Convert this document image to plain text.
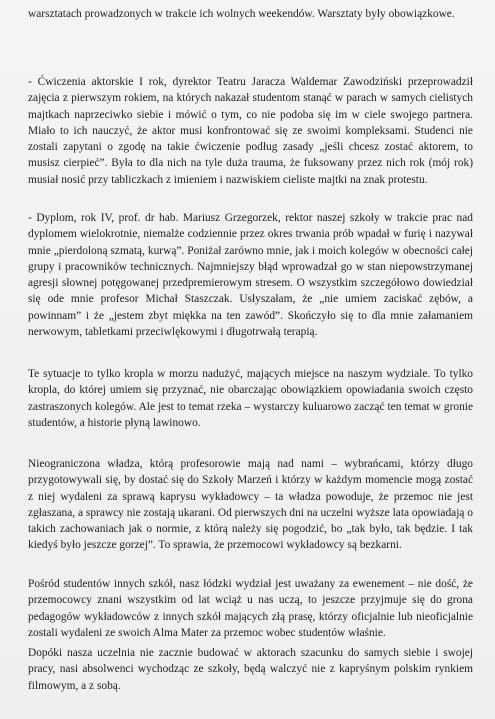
warsztatach prowadzonych w trakcie ich wolnych weekendów. Warsztaty były obowiązkowe.

- Ćwiczenia aktorskie I rok, dyrektor Teatru Jaracza Waldemar Zawodziński przeprowadził zajęcia z pierwszym rokiem, na których nakazał studentom stanąć w parach w samych cielistych majtkach naprzeciwko siebie i mówić o tym, co nie podoba się im w ciele swojego partnera. Miało to ich nauczyć, że aktor musi konfrontować się ze swoimi kompleksami. Studenci nie zostali zapytani o zgodę na takie ćwiczenie podług zasady „jeśli chcesz zostać aktorem, to musisz cierpieć”. Była to dla nich na tyle duża trauma, że fuksowany przez nich rok (mój rok) musiał nosić przy tabliczkach z imieniem i nazwiskiem cieliste majtki na znak protestu.

- Dyplom, rok IV, prof. dr hab. Mariusz Grzegorzek, rektor naszej szkoły w trakcie prac nad dyplomem wielokrotnie, niemalże codziennie przez okres trwania prób wpadał w furię i nazywał mnie „pierdoloną szmatą, kurwą”. Poniżał zarówno mnie, jak i moich kolegów w obecności całej grupy i pracowników technicznych. Najmniejszy błąd wprowadzał go w stan niepowstrzymanej agresji słownej potęgowanej przedpremierowym stresem. O wszystkim szczegółowo dowiedział się ode mnie profesor Michał Staszczak. Usłyszałam, że „nie umiem zaciskać zębów, a powinnam” i że „jestem zbyt miękka na ten zawód”. Skończyło się to dla mnie załamaniem nerwowym, tabletkami przeciwlękowymi i długotrwałą terapią.

Te sytuacje to tylko kropla w morzu nadużyć, mających miejsce na naszym wydziale. To tylko kropla, do której umiem się przyznać, nie obarczając obowiązkiem opowiadania swoich często zastraszonych kolegów. Ale jest to temat rzeka – wystarczy kuluarowo zacząć ten temat w gronie studentów, a historie płyną lawinowo.

Nieograniczona władza, którą profesorowie mają nad nami – wybrańcami, którzy długo przygotowywali się, by dostać się do Szkoły Marzeń i którzy w każdym momencie mogą zostać z niej wydaleni za sprawą kaprysu wykładowcy – ta władza powoduje, że przemoc nie jest zgłaszana, a sprawcy nie zostają ukarani. Od pierwszych dni na uczelni wyższe lata opowiadają o takich zachowaniach jak o normie, z którą należy się pogodzić, bo „tak było, tak będzie. I tak kiedyś było jeszcze gorzej”. To sprawia, że przemocowi wykładowcy są bezkarni.

Pośród studentów innych szkół, nasz łódzki wydział jest uważany za ewenement – nie dość, że przemocowcy znani wszystkim od lat wciąż u nas uczą, to jeszcze przyjmuje się do grona pedagogów wykładowców z innych szkół mających złą prasę, którzy oficjalnie lub nieoficjalnie zostali wydaleni ze swoich Alma Mater za przemoc wobec studentów właśnie.

Dopóki nasza uczelnia nie zacznie budować w aktorach szacunku do samych siebie i swojej pracy, nasi absolwenci wychodząc ze szkoły, będą walczyć nie z kapryśnym polskim rynkiem filmowym, a z sobą.
